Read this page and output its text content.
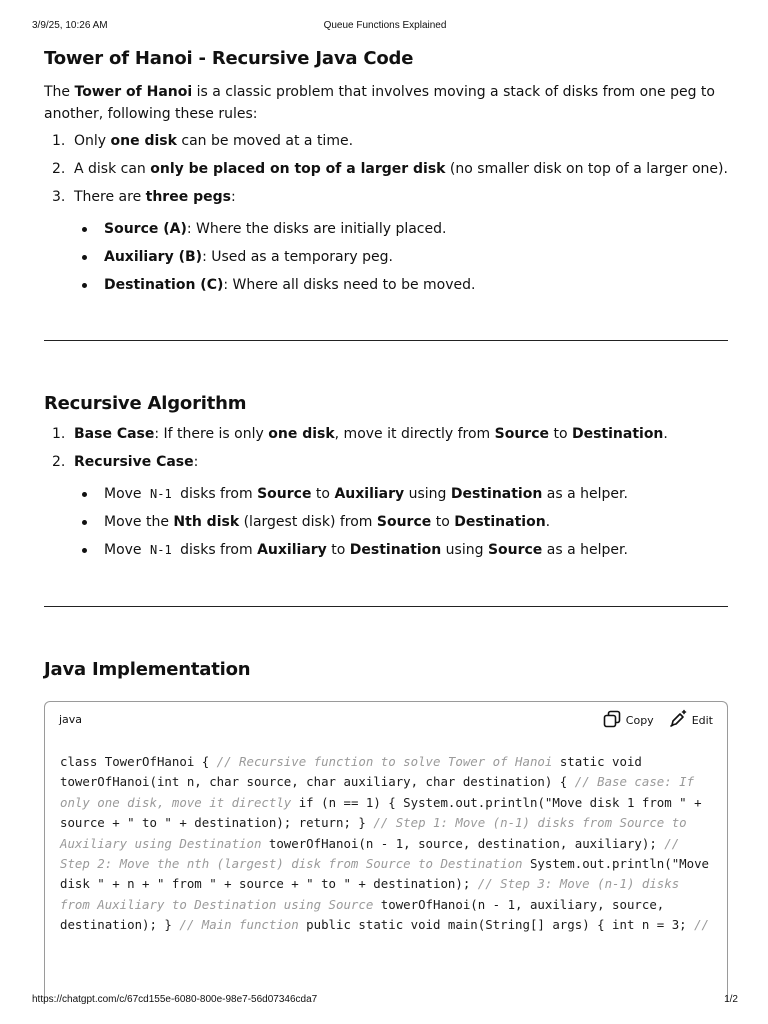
3/9/25, 10:26 AM	Queue Functions Explained
Tower of Hanoi - Recursive Java Code

The Tower of Hanoi is a classic problem that involves moving a stack of disks from one peg to another, following these rules:

1. Only one disk can be moved at a time.
2. A disk can only be placed on top of a larger disk (no smaller disk on top of a larger one).
3. There are three pegs:
Source (A): Where the disks are initially placed.
Auxiliary (B): Used as a temporary peg.
Destination (C): Where all disks need to be moved.
Recursive Algorithm
1. Base Case: If there is only one disk, move it directly from Source to Destination.
2. Recursive Case:
Move N-1 disks from Source to Auxiliary using Destination as a helper.
Move the Nth disk (largest disk) from Source to Destination.
Move N-1 disks from Auxiliary to Destination using Source as a helper.
Java Implementation
java	Copy	Edit
class TowerOfHanoi { // Recursive function to solve Tower of Hanoi static void towerOfHanoi(int n, char source, char auxiliary, char destination) { // Base case: If only one disk, move it directly if (n == 1) { System.out.println("Move disk 1 from " + source + " to " + destination); return; } // Step 1: Move (n-1) disks from Source to Auxiliary using Destination towerOfHanoi(n - 1, source, destination, auxiliary); // Step 2: Move the nth (largest) disk from Source to Destination System.out.println("Move disk " + n + " from " + source + " to " + destination); // Step 3: Move (n-1) disks from Auxiliary to Destination using Source towerOfHanoi(n - 1, auxiliary, source, destination); } // Main function public static void main(String[] args) { int n = 3; //
https://chatgpt.com/c/67cd155e-6080-800e-98e7-56d07346cda7	1/2
